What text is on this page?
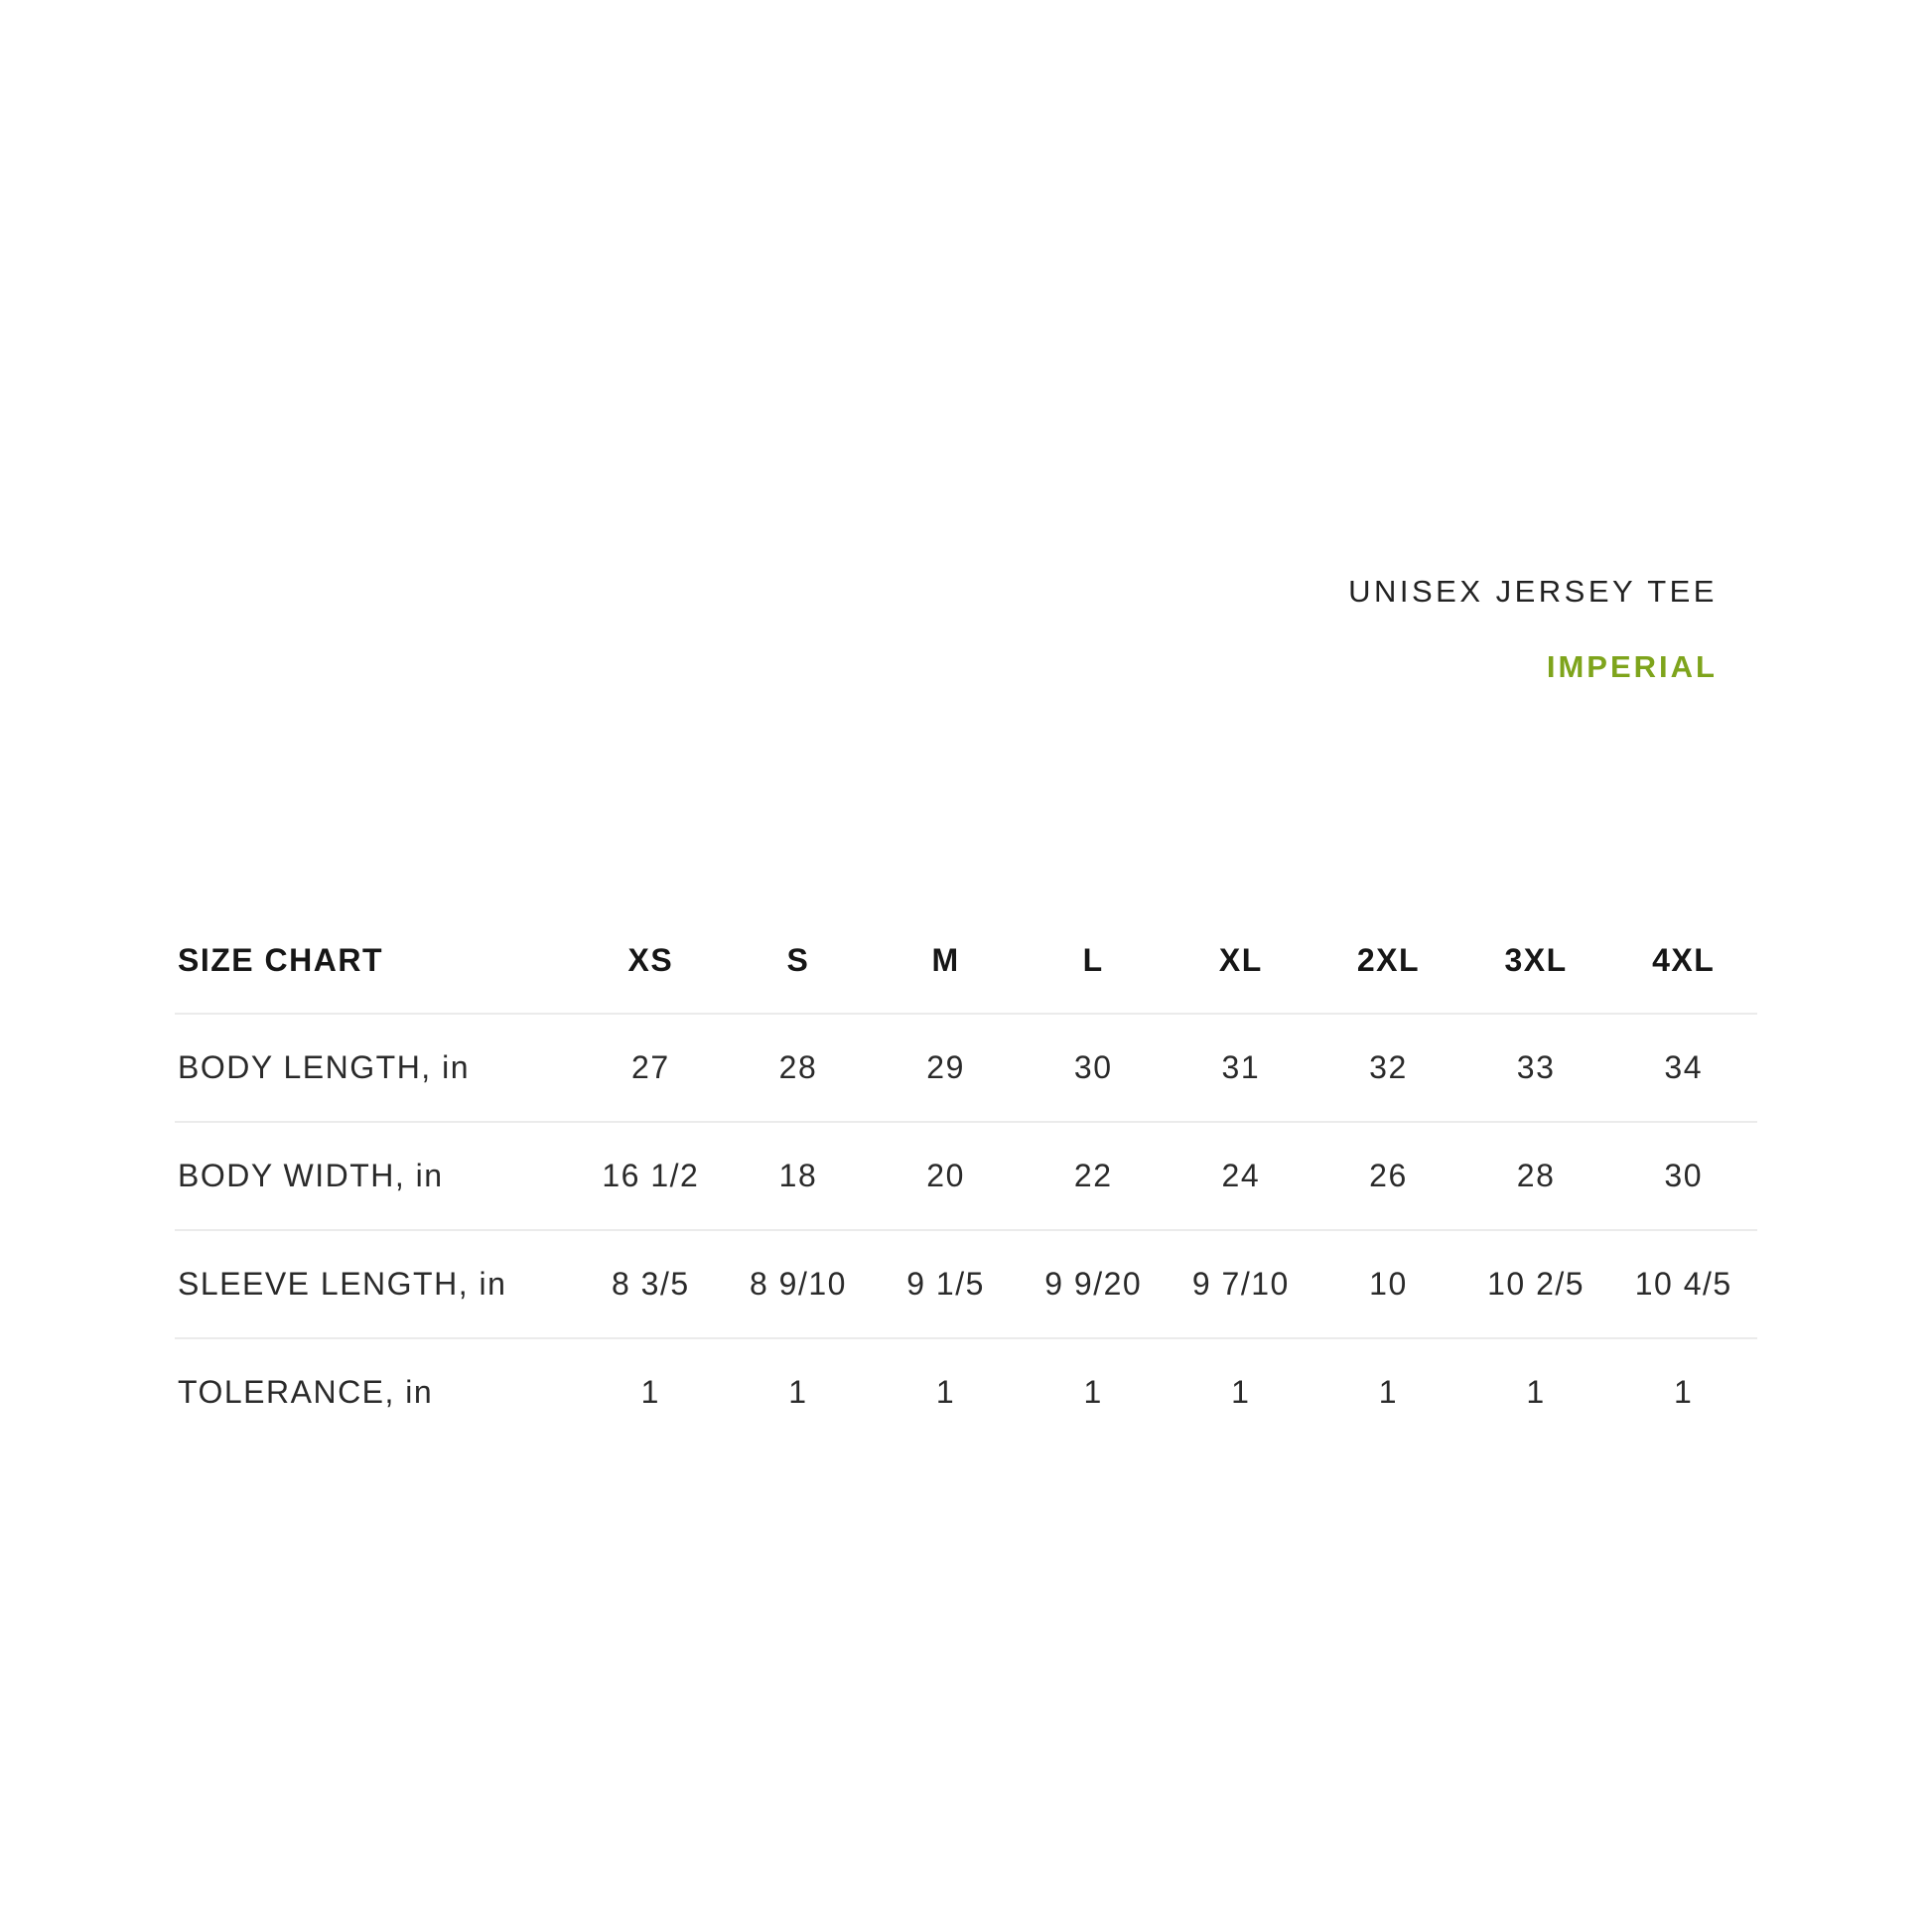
UNISEX JERSEY TEE
IMPERIAL
SIZE CHART	XS	S	M	L	XL	2XL	3XL	4XL
BODY LENGTH, in	27	28	29	30	31	32	33	34
BODY WIDTH, in	16 1/2	18	20	22	24	26	28	30
SLEEVE LENGTH, in	8 3/5	8 9/10	9 1/5	9 9/20	9 7/10	10	10 2/5	10 4/5
TOLERANCE, in	1	1	1	1	1	1	1	1
